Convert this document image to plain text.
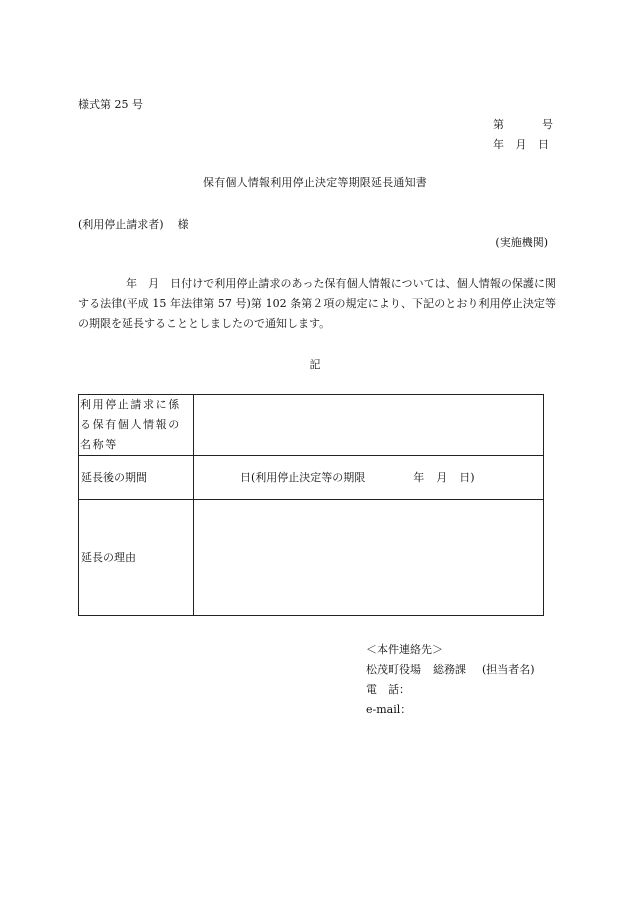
様式第 25 号
第	号
年 月 日
保有個人情報利用停止決定等期限延長通知書
(利用停止請求者) 様
(実施機関)
年　月　日付けで利用停止請求のあった保有個人情報については、個人情報の保護に関する法律(平成 15 年法律第 57 号)第 102 条第２項の規定により、下記のとおり利用停止決定等の期限を延長することとしましたので通知します。
記
利用停止請求に係る保有個人情報の名称等	
延長後の期間	日(利用停止決定等の期限 年 月 日)
延長の理由	
＜本件連絡先＞
松茂町役場 総務課 (担当者名)
電　話：
e-mail：
